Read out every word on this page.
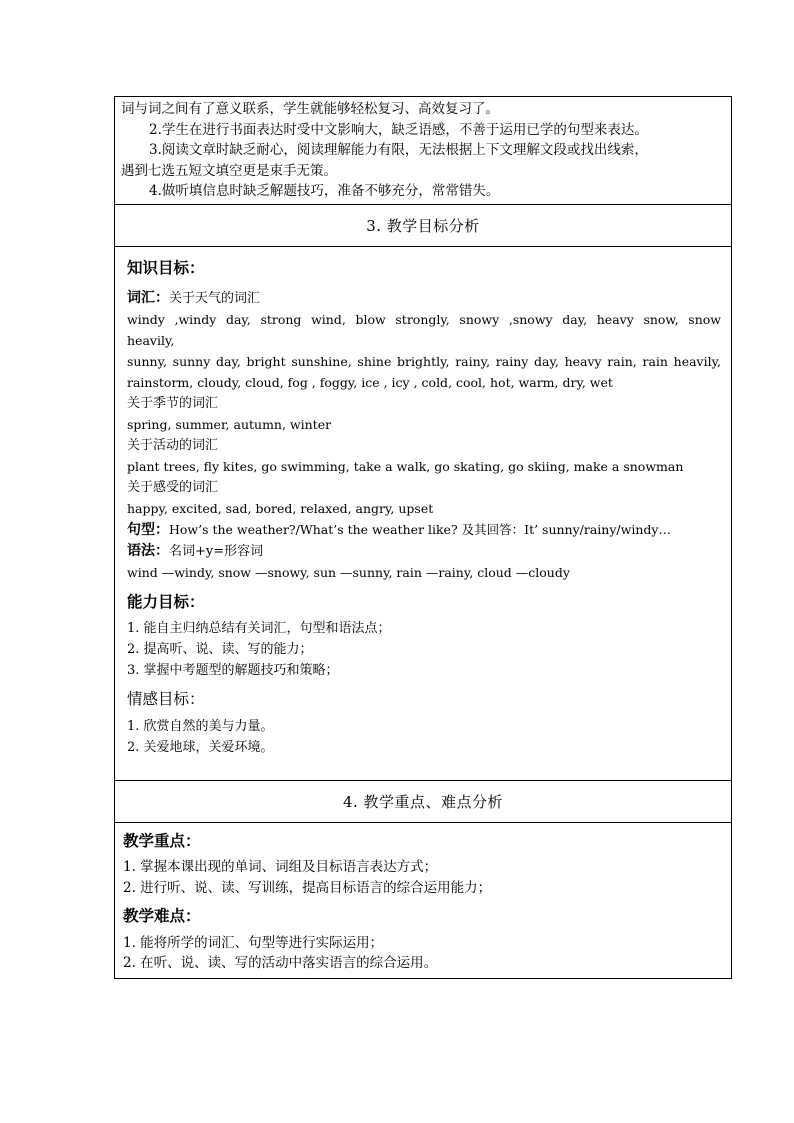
词与词之间有了意义联系，学生就能够轻松复习、高效复习了。

2.学生在进行书面表达时受中文影响大，缺乏语感，不善于运用已学的句型来表达。

3.阅读文章时缺乏耐心，阅读理解能力有限，无法根据上下文理解文段或找出线索，

遇到七选五短文填空更是束手无策。

4.做听填信息时缺乏解题技巧，准备不够充分，常常错失。

3. 教学目标分析

知识目标：

词汇：关于天气的词汇

windy ,windy day, strong wind, blow strongly, snowy ,snowy day, heavy snow, snow

heavily,

sunny, sunny day, bright sunshine, shine brightly, rainy, rainy day, heavy rain, rain heavily,

rainstorm, cloudy, cloud, fog , foggy, ice , icy , cold, cool, hot, warm, dry, wet

关于季节的词汇

spring, summer, autumn, winter

关于活动的词汇

plant trees, fly kites, go swimming, take a walk, go skating, go skiing, make a snowman

关于感受的词汇

happy, excited, sad, bored, relaxed, angry, upset

句型：How’s the weather?/What’s the weather like? 及其回答：It’ sunny/rainy/windy…

语法：名词+y=形容词

wind —windy, snow —snowy, sun —sunny, rain —rainy, cloud —cloudy

能力目标：

1. 能自主归纳总结有关词汇，句型和语法点；

2. 提高听、说、读、写的能力；

3. 掌握中考题型的解题技巧和策略；

情感目标：

1. 欣赏自然的美与力量。

2. 关爱地球，关爱环境。

4. 教学重点、难点分析

教学重点：

1. 掌握本课出现的单词、词组及目标语言表达方式；

2. 进行听、说、读、写训练，提高目标语言的综合运用能力；

教学难点：

1. 能将所学的词汇、句型等进行实际运用；

2. 在听、说、读、写的活动中落实语言的综合运用。
